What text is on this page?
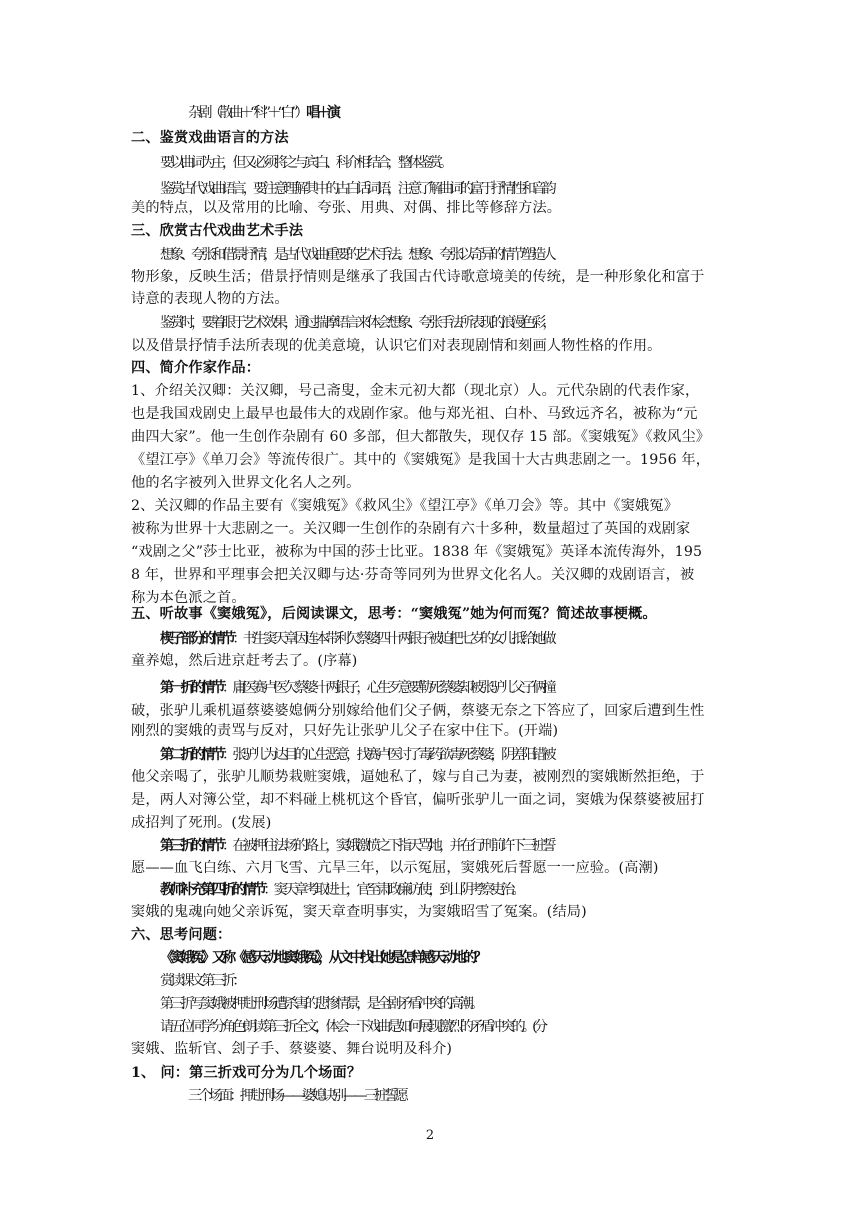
杂剧（散曲＋“科”＋“白”） 唱＋演
二、鉴赏戏曲语言的方法
要以曲词为主，但又必须将之与宾白、科介相结合，整体鉴赏。
鉴赏古代戏曲语言，要注意理解其中的古白话词语，注意了解曲词的富于抒情性和音韵
美的特点，以及常用的比喻、夸张、用典、对偶、排比等修辞方法。
三、欣赏古代戏曲艺术手法
想象、夸张和借景抒情，是古代戏曲重要的艺术手法。想象、夸张以奇异的情节塑造人
物形象，反映生活；借景抒情则是继承了我国古代诗歌意境美的传统，是一种形象化和富于
诗意的表现人物的方法。
鉴赏时，要着眼于艺术效果，通过揣摩语言来体会想象、夸张手法所表现的浪漫色彩，
以及借景抒情手法所表现的优美意境，认识它们对表现剧情和刻画人物性格的作用。
四、简介作家作品：
1、介绍关汉卿：关汉卿，号己斋叟，金末元初大都（现北京）人。元代杂剧的代表作家，
也是我国戏剧史上最早也最伟大的戏剧作家。他与郑光祖、白朴、马致远齐名，被称为“元
曲四大家”。他一生创作杂剧有 60 多部，但大都散失，现仅存 15 部。《窦娥冤》《救风尘》
《望江亭》《单刀会》等流传很广。其中的《窦娥冤》是我国十大古典悲剧之一。1956 年，
他的名字被列入世界文化名人之列。
2、关汉卿的作品主要有《窦娥冤》《救风尘》《望江亭》《单刀会》等。其中《窦娥冤》
被称为世界十大悲剧之一。关汉卿一生创作的杂剧有六十多种，数量超过了英国的戏剧家
“戏剧之父”莎士比亚，被称为中国的莎士比亚。1838 年《窦娥冤》英译本流传海外，195
8 年，世界和平理事会把关汉卿与达·芬奇等同列为世界文化名人。关汉卿的戏剧语言，被
称为本色派之首。
五、听故事《窦娥冤》，后阅读课文，思考：“窦娥冤”她为何而冤？简述故事梗概。
楔子部分的情节：书生窦天章因连本带利欠蔡婆四十两银子被迫把七岁的女儿抵给她做
童养媳，然后进京赶考去了。(序幕)
第一折的情节：庸医赛卢医欠蔡婆十两银子，心生歹意要勒死蔡婆却被张驴儿父子俩撞
破，张驴儿乘机逼蔡婆婆媳俩分别嫁给他们父子俩，蔡婆无奈之下答应了，回家后遭到生性
刚烈的窦娥的责骂与反对，只好先让张驴儿父子在家中住下。(开端)
第二折的情节：张驴儿为达目的心生恶意，找赛卢医讨了毒药欲毒死蔡婆，阴差阳错被
他父亲喝了，张驴儿顺势栽赃窦娥，逼她私了，嫁与自己为妻，被刚烈的窦娥断然拒绝，于
是，两人对簿公堂，却不料碰上桃杌这个昏官，偏听张驴儿一面之词，窦娥为保蔡婆被屈打
成招判了死刑。(发展)
第三折的情节：在被押往法场的路上，窦娥激愤之下指天骂地，并在行刑前许下三桩誓
愿——血飞白练、六月飞雪、亢旱三年，以示冤屈，窦娥死后誓愿一一应验。(高潮)
教师补充第四折的情节：窦天章考取进士，官至肃政廉访使，到山阴考察吏治。
窦娥的鬼魂向她父亲诉冤，窦天章查明事实，为窦娥昭雪了冤案。(结局)
六、思考问题：
《窦娥冤》又称《感天动地窦娥冤》，从文中找出她是怎样感天动地的？
赏读课文第三折：
第三折写窦娥被押赴刑场遭杀害的悲惨情景，是全剧矛盾冲突的高潮。
请五位同学分角色朗读第三折全文，体会一下戏曲是如何展现激烈的矛盾冲突的。(分
窦娥、监斩官、刽子手、蔡婆婆、舞台说明及科介)
1、 问：第三折戏可分为几个场面？
三个场面：押赴刑场——婆媳诀别——三桩誓愿
2
